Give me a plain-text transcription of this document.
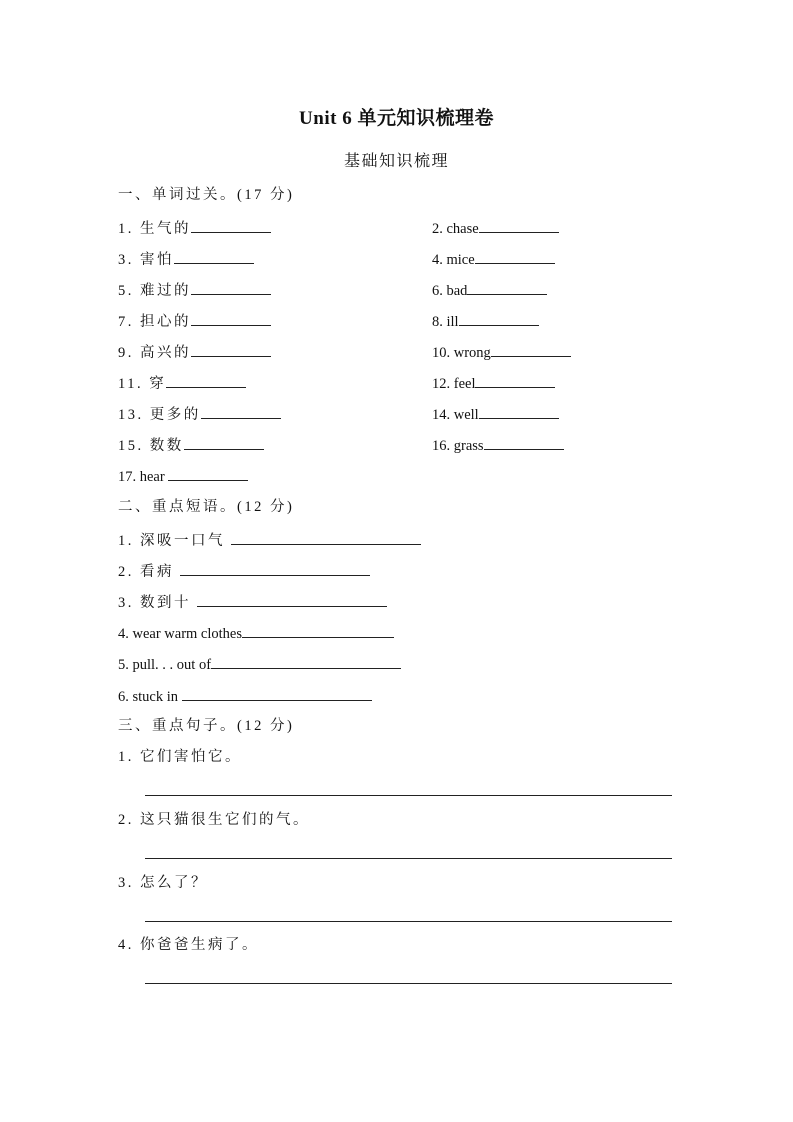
Unit 6 单元知识梳理卷
基础知识梳理
一、单词过关。(17 分)
1. 生气的	2. chase
3. 害怕	4. mice
5. 难过的	6. bad
7. 担心的	8. ill
9. 高兴的	10. wrong
11. 穿	12. feel
13. 更多的	14. well
15. 数数	16. grass
17. hear
二、重点短语。(12 分)
1. 深吸一口气
2. 看病
3. 数到十
4. wear warm clothes
5. pull. . . out of
6. stuck in
三、重点句子。(12 分)
1. 它们害怕它。
2. 这只猫很生它们的气。
3. 怎么了？
4. 你爸爸生病了。
